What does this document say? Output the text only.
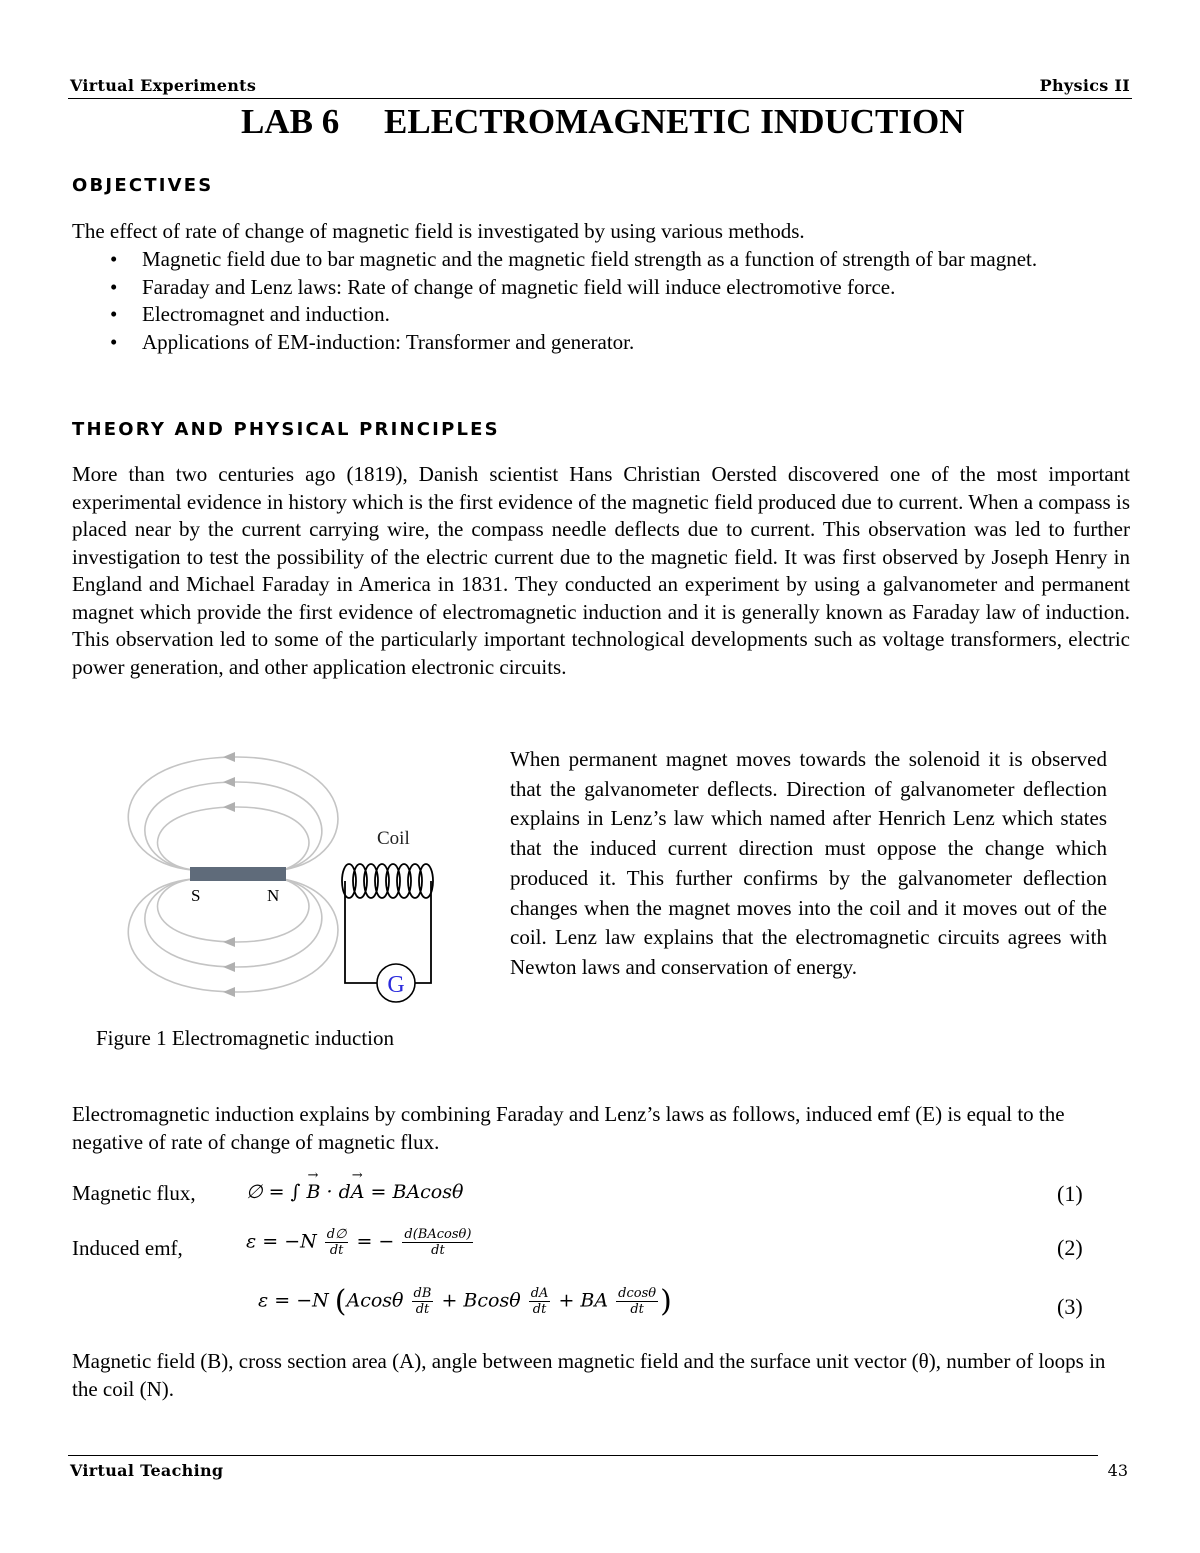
Virtual Experiments	Physics II
LAB 6 ELECTROMAGNETIC INDUCTION
OBJECTIVES
The effect of rate of change of magnetic field is investigated by using various methods.
• Magnetic field due to bar magnetic and the magnetic field strength as a function of strength of bar magnet.
• Faraday and Lenz laws: Rate of change of magnetic field will induce electromotive force.
• Electromagnet and induction.
• Applications of EM-induction: Transformer and generator.
THEORY AND PHYSICAL PRINCIPLES
More than two centuries ago (1819), Danish scientist Hans Christian Oersted discovered one of the most important experimental evidence in history which is the first evidence of the magnetic field produced due to current. When a compass is placed near by the current carrying wire, the compass needle deflects due to current. This observation was led to further investigation to test the possibility of the electric current due to the magnetic field. It was first observed by Joseph Henry in England and Michael Faraday in America in 1831. They conducted an experiment by using a galvanometer and permanent magnet which provide the first evidence of electromagnetic induction and it is generally known as Faraday law of induction. This observation led to some of the particularly important technological developments such as voltage transformers, electric power generation, and other application electronic circuits.
S	N
Coil
G
Figure 1 Electromagnetic induction
When permanent magnet moves towards the solenoid it is observed that the galvanometer deflects. Direction of galvanometer deflection explains in Lenz’s law which named after Henrich Lenz which states that the induced current direction must oppose the change which produced it. This further confirms by the galvanometer deflection changes when the magnet moves into the coil and it moves out of the coil. Lenz law explains that the electromagnetic circuits agrees with Newton laws and conservation of energy.
Electromagnetic induction explains by combining Faraday and Lenz’s laws as follows, induced emf (E) is equal to the negative of rate of change of magnetic flux.
Magnetic flux,	∅ = ∫ B
→
· dA
→
= BAcosθ	(1)
Induced emf,	$\varepsilon = -N \frac{d\emptyset}{dt}$ = − $\frac{d(BAcos\theta)}{dt}$	(2)
ε = −N ($Acos\theta \frac{dB}{dt} + Bcos\theta \frac{dA}{dt}$ + BA $\frac{dcos\theta}{dt}$ )	(3)
Magnetic field (B), cross section area (A), angle between magnetic field and the surface unit vector (θ), number of loops in the coil (N).
Virtual Teaching	43
